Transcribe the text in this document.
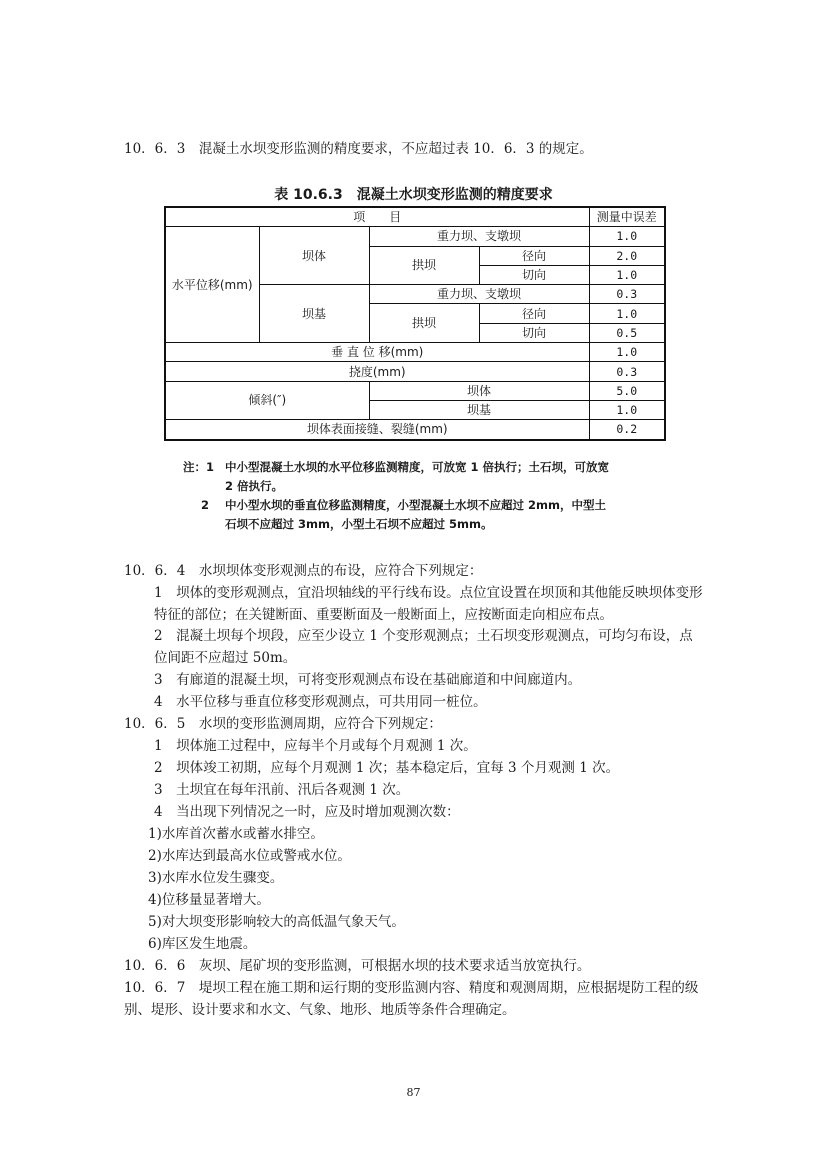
10．6．3　混凝土水坝变形监测的精度要求，不应超过表 10．6．3 的规定。
表 10.6.3　混凝土水坝变形监测的精度要求
项　　目				测量中误差
水平位移(mm)	坝体	重力坝、支墩坝		1.0
		拱坝	径向	2.0
			切向	1.0
	坝基	重力坝、支墩坝		0.3
		拱坝	径向	1.0
			切向	0.5
垂 直 位 移(mm)				1.0
挠度(mm)				0.3
倾斜(″)		坝体		5.0
		坝基		1.0
坝体表面接缝、裂缝(mm)				0.2
注：1 中小型混凝土水坝的水平位移监测精度，可放宽 1 倍执行；土石坝，可放宽
2 倍执行。
2	中小型水坝的垂直位移监测精度，小型混凝土水坝不应超过 2mm，中型土
石坝不应超过 3mm，小型土石坝不应超过 5mm。
10．6．4　水坝坝体变形观测点的布设，应符合下列规定：
1　坝体的变形观测点，宜沿坝轴线的平行线布设。点位宜设置在坝顶和其他能反映坝体变形特征的部位；在关键断面、重要断面及一般断面上，应按断面走向相应布点。
2　混凝土坝每个坝段，应至少设立 1 个变形观测点；土石坝变形观测点，可均匀布设，点位间距不应超过 50m。
3　有廊道的混凝土坝，可将变形观测点布设在基础廊道和中间廊道内。
4　水平位移与垂直位移变形观测点，可共用同一桩位。
10．6．5　水坝的变形监测周期，应符合下列规定：
1　坝体施工过程中，应每半个月或每个月观测 1 次。
2　坝体竣工初期，应每个月观测 1 次；基本稳定后，宜每 3 个月观测 1 次。
3　土坝宜在每年汛前、汛后各观测 1 次。
4　当出现下列情况之一时，应及时增加观测次数：
1)水库首次蓄水或蓄水排空。
2)水库达到最高水位或警戒水位。
3)水库水位发生骤变。
4)位移量显著增大。
5)对大坝变形影响较大的高低温气象天气。
6)库区发生地震。
10．6．6　灰坝、尾矿坝的变形监测，可根据水坝的技术要求适当放宽执行。
10．6．7　堤坝工程在施工期和运行期的变形监测内容、精度和观测周期，应根据堤防工程的级别、堤形、设计要求和水文、气象、地形、地质等条件合理确定。
87
